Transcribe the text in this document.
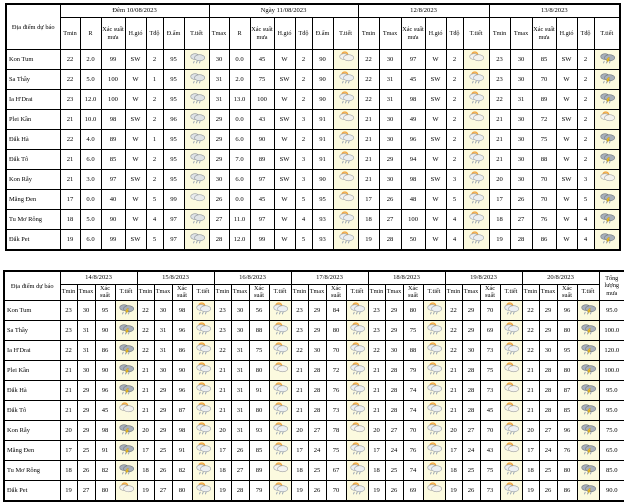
Địa điểm dự báo	Đêm 10/08/2023							Ngày 11/08/2023							12/8/2023						13/8/2023					
	Tmin	R	Xác suất mưa	H.gió	Tđộ	Đ.ẩm	T.tiết	Tmax	R	Xác suất mưa	H.gió	Tđộ	Đ.ẩm	T.tiết	Tmin	Tmax	Xác suất mưa	H.gió	Tđộ	T.tiết	Tmin	Tmax	Xác suất mưa	H.gió	Tđộ	T.tiết
Kon Tum	22	2.0	99	SW	2	95		30	0.0	45	W	2	90		22	30	97	W	2		23	30	85	SW	2	

Sa Thầy	22	5.0	100	W	1	95		31	2.0	75	SW	2	90		22	31	45	SW	2		23	30	70	W	2	

Ia H'Drai	23	12.0	100	W	2	95		31	13.0	100	W	2	90		22	31	98	SW	2		22	31	89	W	2	

Plei Kần	21	10.0	98	SW	2	96		29	0.0	43	SW	3	91		21	30	49	W	2		21	30	72	SW	2	

Đắk Hà	22	4.0	89	W	1	95		29	6.0	90	W	2	91		21	30	96	SW	2		21	30	75	W	2	

Đắk Tô	21	6.0	85	W	2	95		29	7.0	89	SW	3	91		21	29	94	W	2		21	30	88	W	2	

Kon Rẫy	21	3.0	97	SW	2	95		30	6.0	97	SW	3	90		21	30	98	SW	3		20	30	70	SW	3	

Măng Đen	17	0.0	40	W	5	99		26	0.0	45	W	5	95		17	26	48	W	5		17	26	70	W	5	

Tu Mơ Rông	18	5.0	90	W	4	97		27	11.0	97	W	4	93		18	27	100	W	4		18	27	76	W	4	

Đắk Pet	19	6.0	99	SW	5	97		28	12.0	99	W	5	93		19	28	50	W	4		19	28	86	W	4	
Địa điểm dự báo	14/8/2023				15/8/2023				16/8/2023				17/8/2023				18/8/2023				19/8/2023				20/8/2023				Tổng lượng mưa
	Tmin	Tmax	Xác suất	T.tiết	Tmin	Tmax	Xác suất	T.tiết	Tmin	Tmax	Xác suất	T.tiết	Tmin	Tmax	Xác suất	T.tiết	Tmin	Tmax	Xác suất	T.tiết	Tmin	Tmax	Xác suất	T.tiết	Tmin	Tmax	Xác suất	T.tiết	
Kon Tum	23	30	95		22	30	98		23	30	56		23	29	84		23	29	80		22	29	70		22	29	96		95.0
Sa Thầy	23	31	90		22	31	96		23	30	88		23	29	80		23	29	75		22	29	69		22	29	80		100.0
Ia H'Drai	22	31	86		22	31	86		22	31	75		22	30	70		22	30	88		22	30	73		22	30	95		120.0
Plei Kần	21	30	90		21	30	90		21	31	80		21	28	72		21	28	79		21	28	75		21	28	80		100.0
Đắk Hà	21	29	96		21	29	96		21	31	91		21	28	76		21	28	74		21	28	73		21	28	87		95.0
Đắk Tô	21	29	45		21	29	87		21	31	80		21	28	73		21	28	74		21	28	45		21	28	85		95.0
Kon Rẫy	20	29	98		20	29	98		20	31	93		20	27	78		20	27	70		20	27	70		20	27	96		75.0
Măng Đen	17	25	91		17	25	91		17	26	85		17	24	75		17	24	76		17	24	43		17	24	76		65.0
Tu Mơ Rông	18	26	82		18	26	82		18	27	89		18	25	67		18	25	74		18	25	75		18	25	80		85.0
Đắk Pet	19	27	80		19	27	80		19	28	79		19	26	70		19	26	69		19	26	73		19	26	86		90.0
